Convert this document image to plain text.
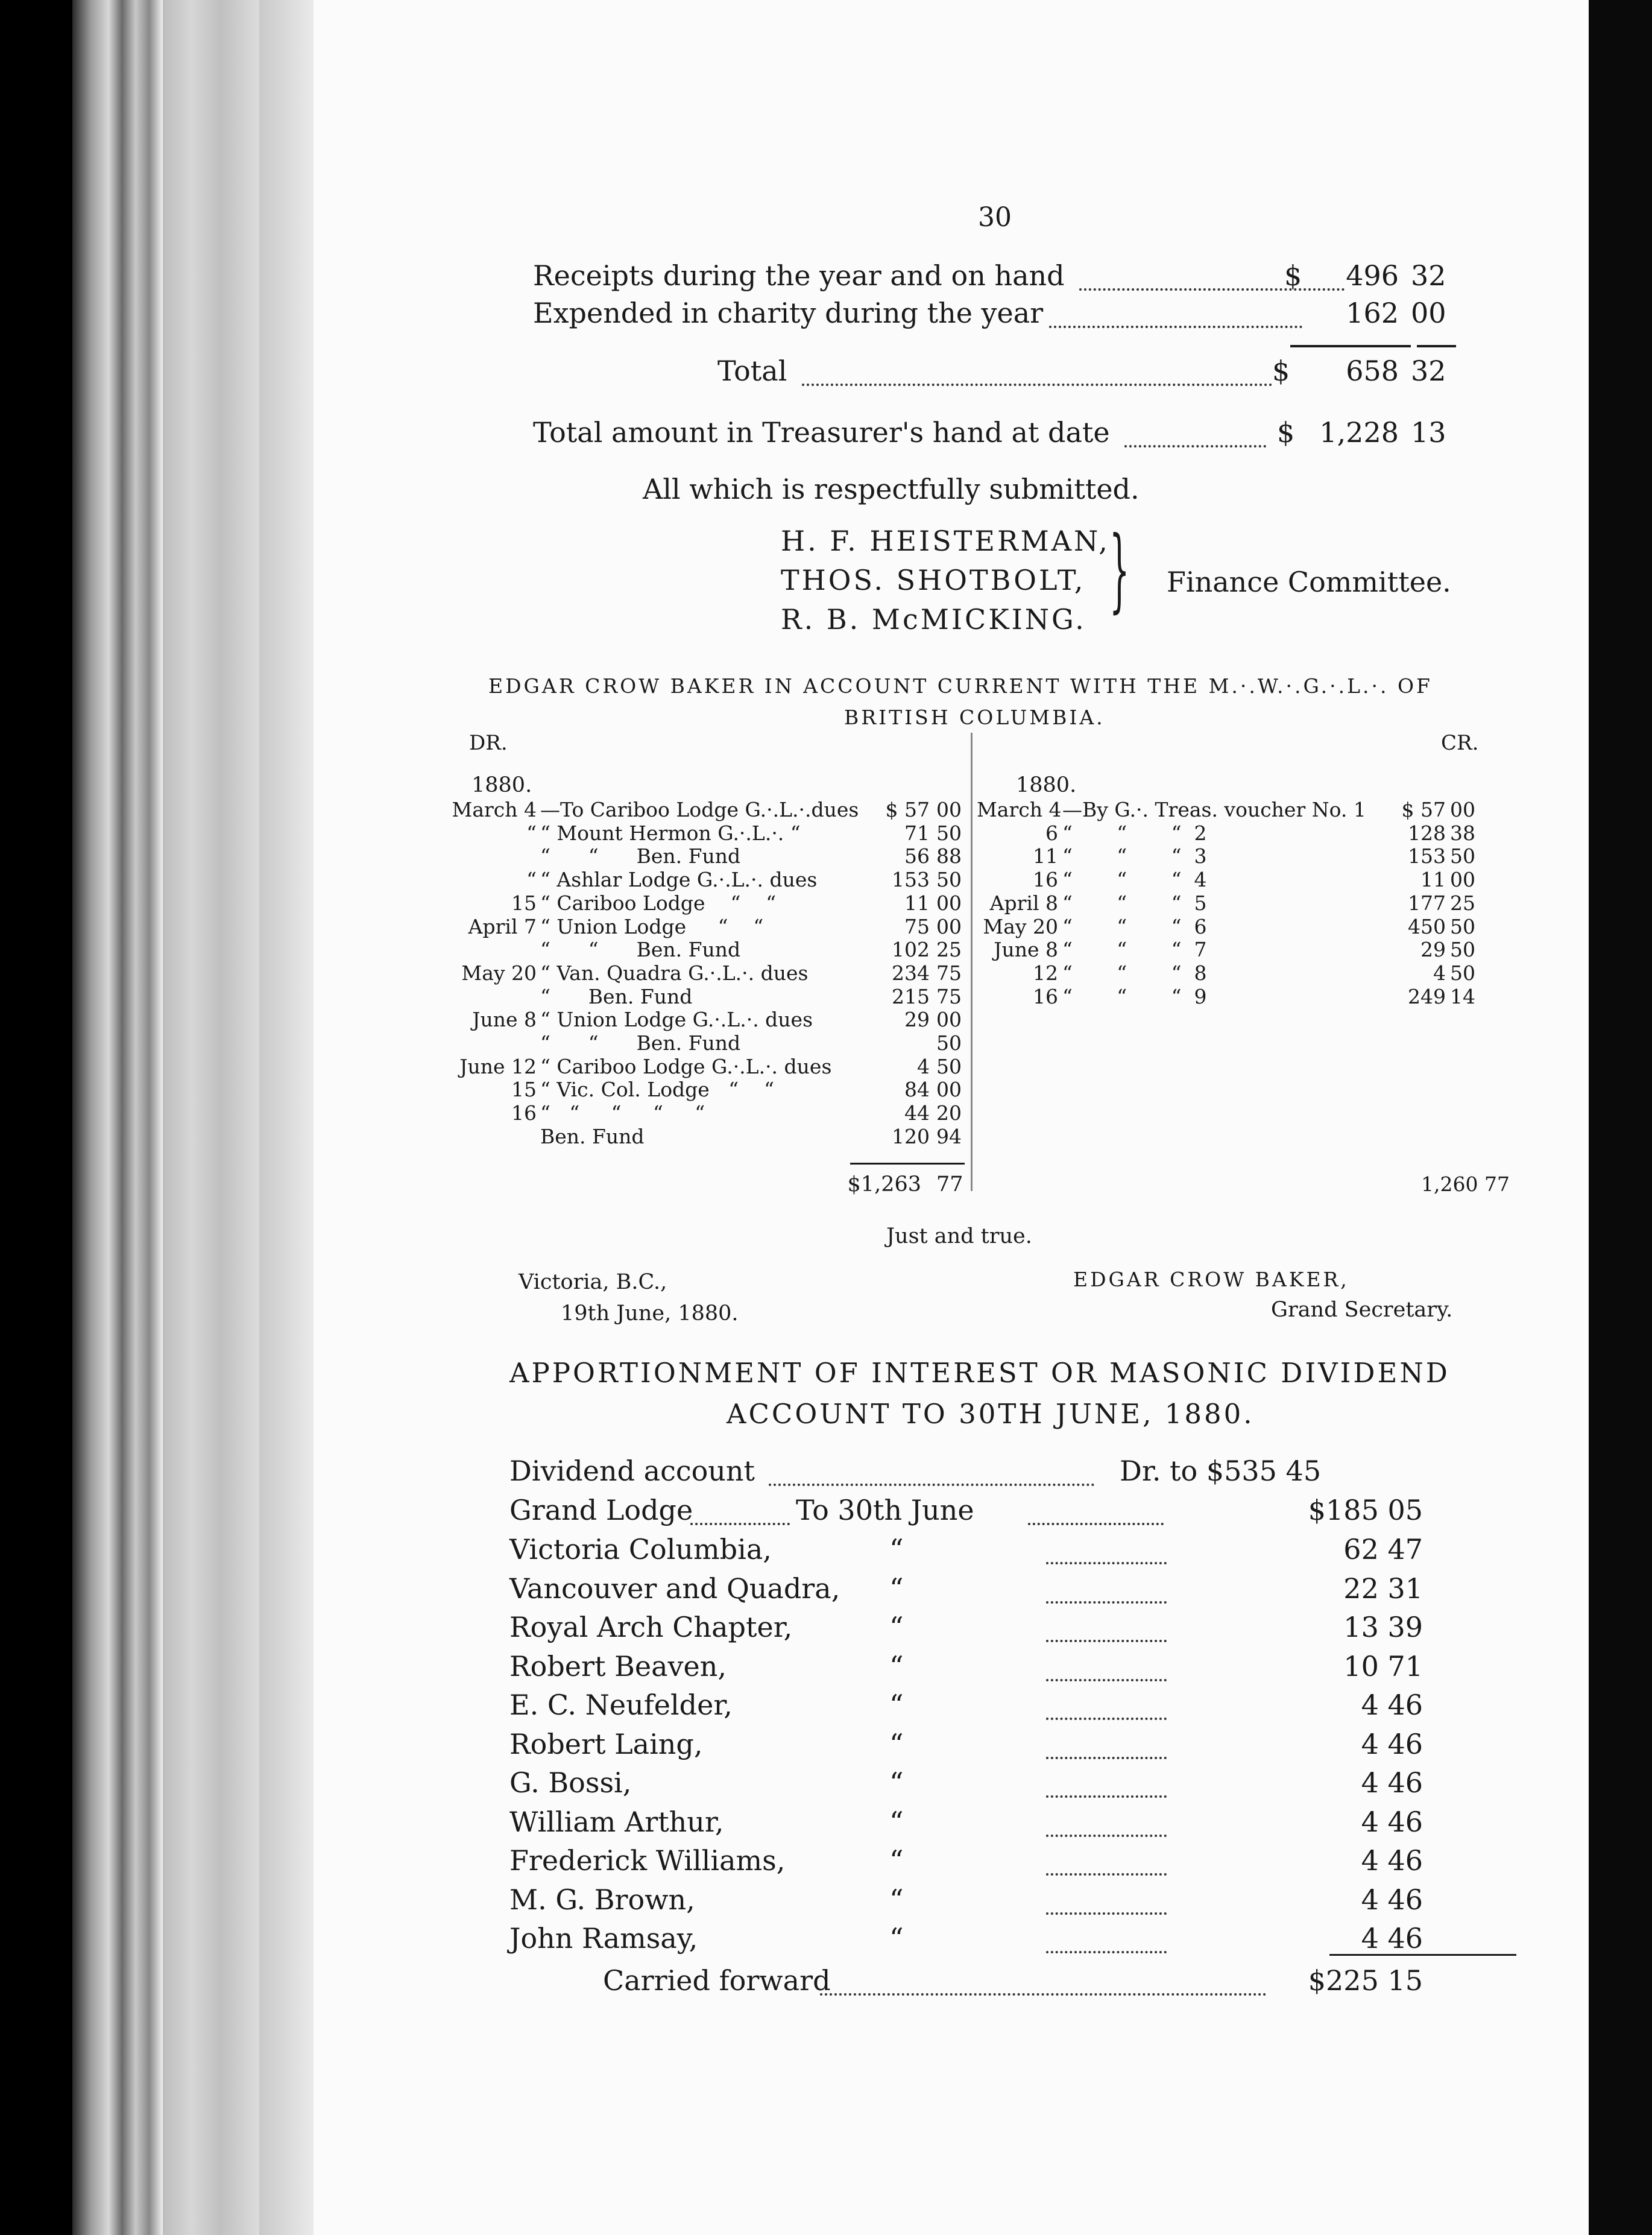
30
Receipts during the year and on hand	$	496 32
Expended in charity during the year	162 00
Total	$	658 32
Total amount in Treasurer's hand at date	$ 1,228 13
All which is respectfully submitted.
H. F. HEISTERMAN,
THOS. SHOTBOLT,
R. B. McMICKING. } Finance Committee.
EDGAR CROW BAKER IN ACCOUNT CURRENT WITH THE M.·.W.·.G.·.L.·. OF
BRITISH COLUMBIA.
DR.	CR.
1880.	1880.
March 4 —To Cariboo Lodge G.·.L.·.dues	$ 57 00
“ “ Mount Hermon G.·.L.·. “	71 50
“      “      Ben. Fund	56 88
“ “ Ashlar Lodge G.·.L.·. dues	153 50
15 “ Cariboo Lodge    “    “	11 00
April 7 “ Union Lodge     “    “	75 00
“      “      Ben. Fund	102 25
May 20 “ Van. Quadra G.·.L.·. dues	234 75
“      Ben. Fund	215 75
June 8 “ Union Lodge G.·.L.·. dues	29 00
“      “      Ben. Fund	50
June 12 “ Cariboo Lodge G.·.L.·. dues	4 50
15 “ Vic. Col. Lodge   “    “	84 00
16 “   “     “     “     “	44 20
Ben. Fund	120 94
March 4 —By G.·. Treas. voucher No. 1	$ 57 00
6 “       “       “  2	128 38
11 “       “       “  3	153 50
16 “       “       “  4	11 00
April 8 “       “       “  5	177 25
May 20 “       “       “  6	450 50
June 8 “       “       “  7	29 50
12 “       “       “  8	4 50
16 “       “       “  9	249 14
$1,263 77	1,260 77
Just and true.
Victoria, B.C.,
19th June, 1880.
EDGAR CROW BAKER,
Grand Secretary.
APPORTIONMENT OF INTEREST OR MASONIC DIVIDEND
ACCOUNT TO 30TH JUNE, 1880.
Dividend account	Dr. to $535 45
Grand Lodge	To 30th June	$185 05
Victoria Columbia,	“	62 47
Vancouver and Quadra, “	22 31
Royal Arch Chapter,	“	13 39
Robert Beaven,	“	10 71
E. C. Neufelder,	“	4 46
Robert Laing,	“	4 46
G. Bossi,	“	4 46
William Arthur,	“	4 46
Frederick Williams,	“	4 46
M. G. Brown,	“	4 46
John Ramsay,	“	4 46
Carried forward	$225 15
